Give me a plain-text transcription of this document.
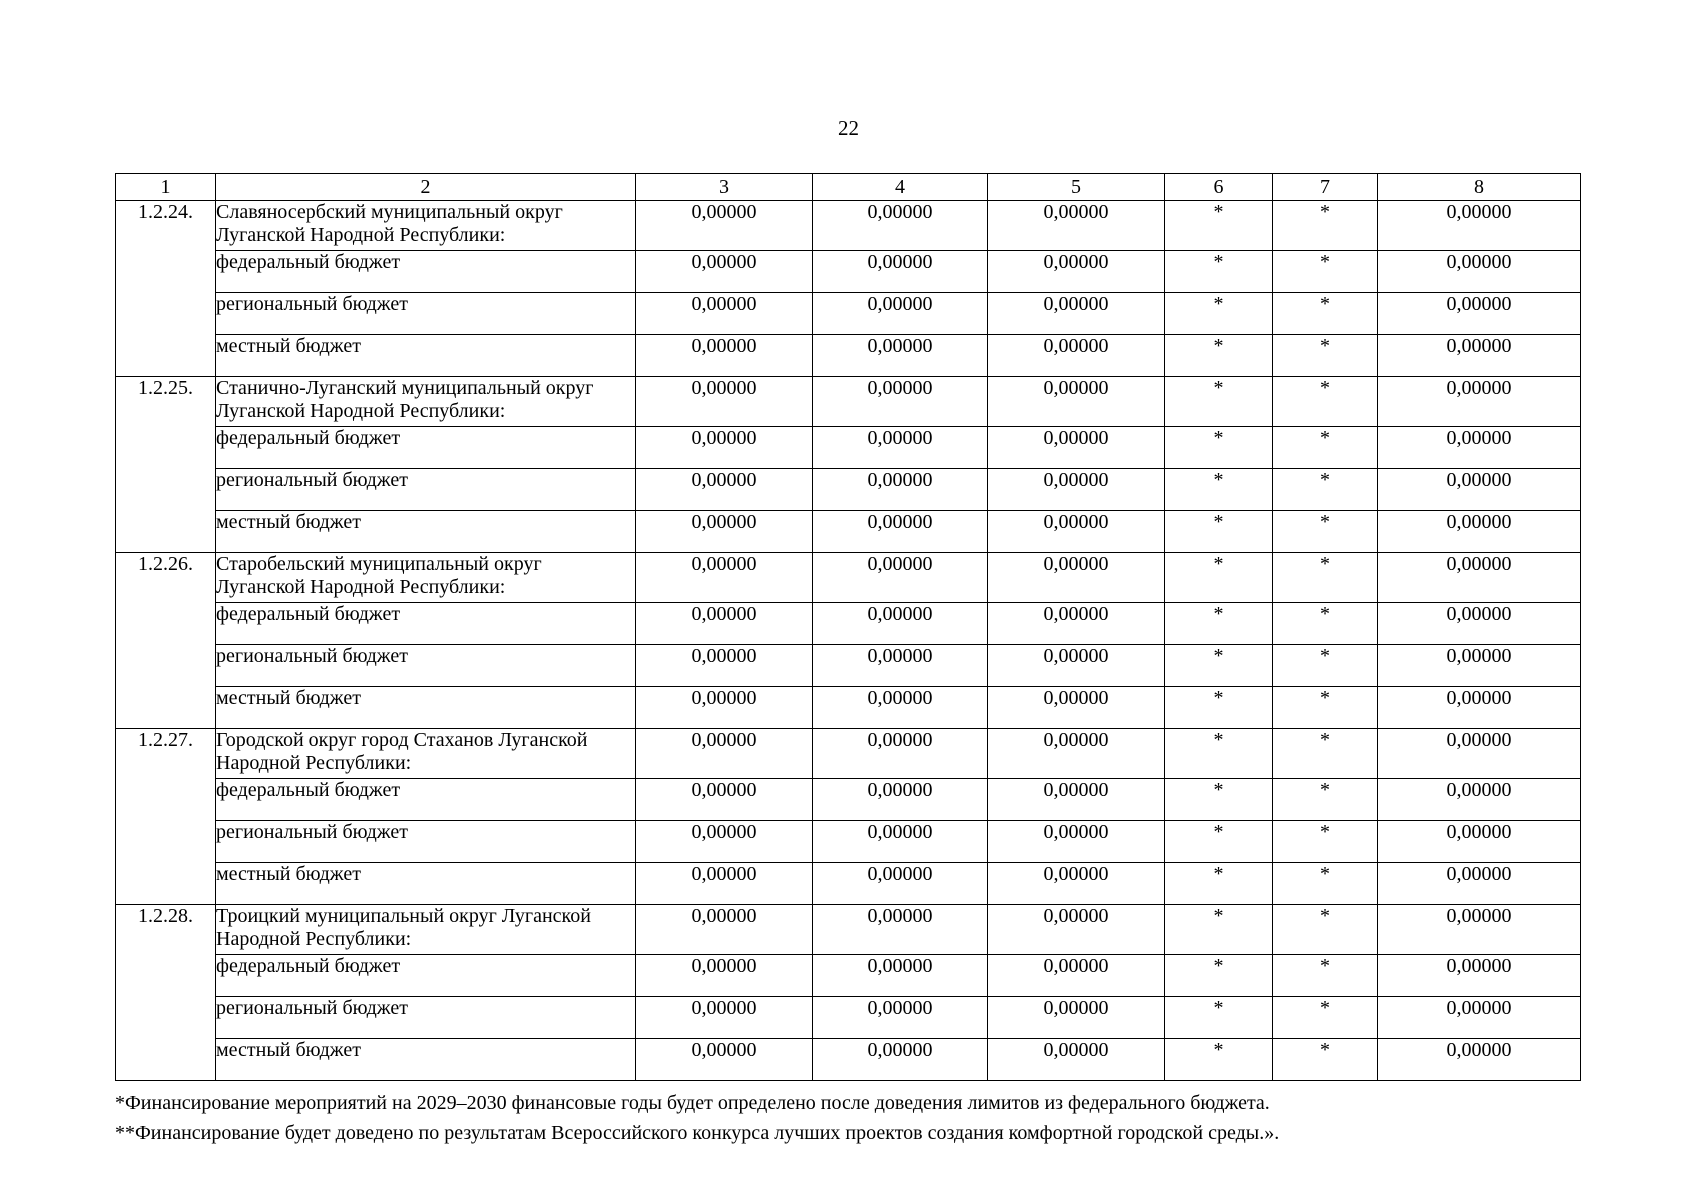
22
1	2	3	4	5	6	7	8
1.2.24.	Славяносербский муниципальный округ Луганской Народной Республики:	0,00000	0,00000	0,00000	*	*	0,00000
	федеральный бюджет	0,00000	0,00000	0,00000	*	*	0,00000
	региональный бюджет	0,00000	0,00000	0,00000	*	*	0,00000
	местный бюджет	0,00000	0,00000	0,00000	*	*	0,00000
1.2.25.	Станично-Луганский муниципальный округ Луганской Народной Республики:	0,00000	0,00000	0,00000	*	*	0,00000
	федеральный бюджет	0,00000	0,00000	0,00000	*	*	0,00000
	региональный бюджет	0,00000	0,00000	0,00000	*	*	0,00000
	местный бюджет	0,00000	0,00000	0,00000	*	*	0,00000
1.2.26.	Старобельский муниципальный округ Луганской Народной Республики:	0,00000	0,00000	0,00000	*	*	0,00000
	федеральный бюджет	0,00000	0,00000	0,00000	*	*	0,00000
	региональный бюджет	0,00000	0,00000	0,00000	*	*	0,00000
	местный бюджет	0,00000	0,00000	0,00000	*	*	0,00000
1.2.27.	Городской округ город Стаханов Луганской Народной Республики:	0,00000	0,00000	0,00000	*	*	0,00000
	федеральный бюджет	0,00000	0,00000	0,00000	*	*	0,00000
	региональный бюджет	0,00000	0,00000	0,00000	*	*	0,00000
	местный бюджет	0,00000	0,00000	0,00000	*	*	0,00000
1.2.28.	Троицкий муниципальный округ Луганской Народной Республики:	0,00000	0,00000	0,00000	*	*	0,00000
	федеральный бюджет	0,00000	0,00000	0,00000	*	*	0,00000
	региональный бюджет	0,00000	0,00000	0,00000	*	*	0,00000
	местный бюджет	0,00000	0,00000	0,00000	*	*	0,00000

*Финансирование мероприятий на 2029–2030 финансовые годы будет определено после доведения лимитов из федерального бюджета.

**Финансирование будет доведено по результатам Всероссийского конкурса лучших проектов создания комфортной городской среды.».
